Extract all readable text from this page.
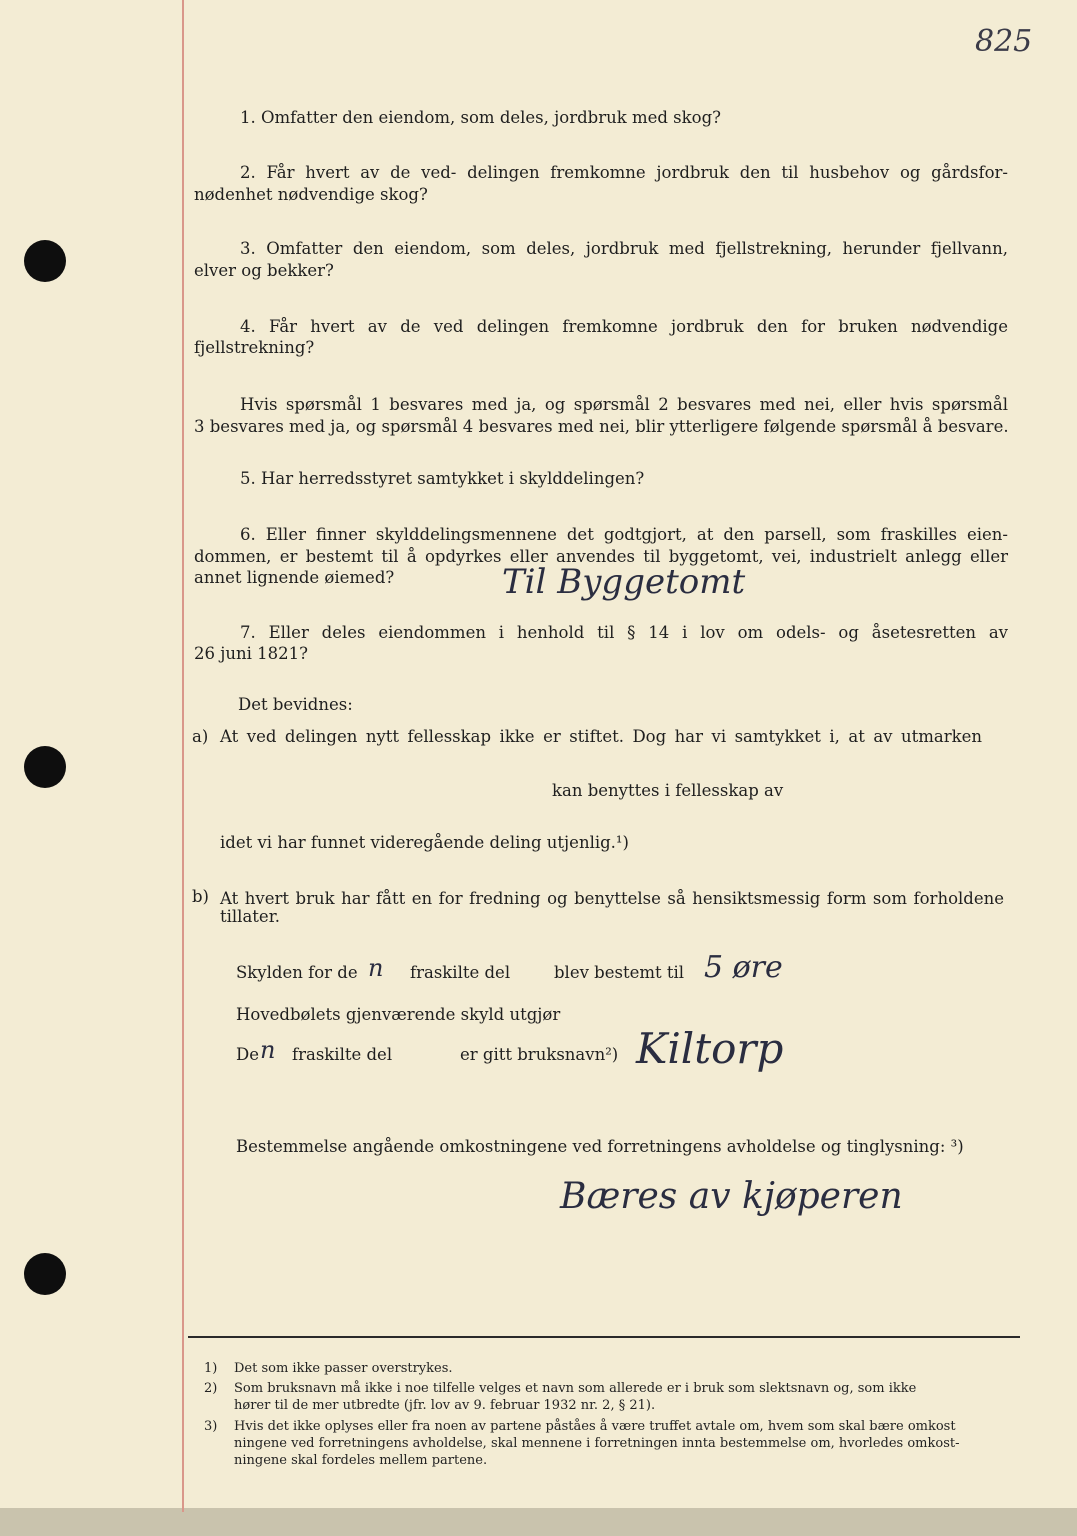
825
1. Omfatter den eiendom, som deles, jordbruk med skog?
2. Får hvert av de ved- delingen fremkomne jordbruk den til husbehov og gårdsfor-
nødenhet nødvendige skog?
3. Omfatter den eiendom, som deles, jordbruk med fjellstrekning, herunder fjellvann,
elver og bekker?
4. Får hvert av de ved delingen fremkomne jordbruk den for bruken nødvendige
fjellstrekning?
Hvis spørsmål 1 besvares med ja, og spørsmål 2 besvares med nei, eller hvis spørsmål
3 besvares med ja, og spørsmål 4 besvares med nei, blir ytterligere følgende spørsmål å besvare.
5. Har herredsstyret samtykket i skylddelingen?
6. Eller finner skylddelingsmennene det godtgjort, at den parsell, som fraskilles eien-
dommen, er bestemt til å opdyrkes eller anvendes til byggetomt, vei, industrielt anlegg eller
annet lignende øiemed?	Til Byggetomt
7. Eller deles eiendommen i henhold til § 14 i lov om odels- og åsetesretten av
26 juni 1821?
Det bevidnes:
a) At ved delingen nytt fellesskap ikke er stiftet. Dog har vi samtykket i, at av utmarken
kan benyttes i fellesskap av
idet vi har funnet videregående deling utjenlig.¹)
b) At hvert bruk har fått en for fredning og benyttelse så hensiktsmessig form som forholdene
tillater.
Skylden for de n fraskilte del	blev bestemt til 5 øre
Hovedbølets gjenværende skyld utgjør
De n fraskilte del	er gitt bruksnavn²) Kiltorp
Bestemmelse angående omkostningene ved forretningens avholdelse og tinglysning: ³)
Bæres av kjøperen
1) Det som ikke passer overstrykes.
2) Som bruksnavn må ikke i noe tilfelle velges et navn som allerede er i bruk som slektsnavn og, som ikke
hører til de mer utbredte (jfr. lov av 9. februar 1932 nr. 2, § 21).
3) Hvis det ikke oplyses eller fra noen av partene påståes å være truffet avtale om, hvem som skal bære omkost
ningene ved forretningens avholdelse, skal mennene i forretningen innta bestemmelse om, hvorledes omkost-
ningene skal fordeles mellem partene.
